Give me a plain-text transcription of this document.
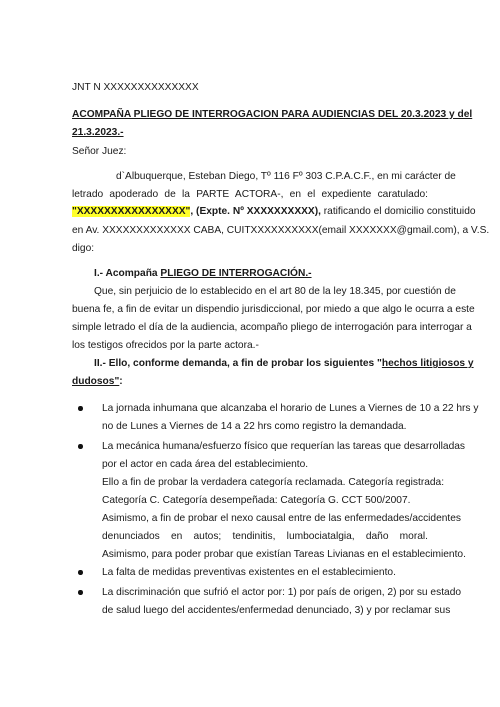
JNT N XXXXXXXXXXXXXX
ACOMPAÑA PLIEGO DE INTERROGACION PARA AUDIENCIAS DEL 20.3.2023 y del
21.3.2023.-
Señor Juez:
d`Albuquerque, Esteban Diego, Tº 116 Fº 303 C.P.A.C.F., en mi carácter de
letrado apoderado de la PARTE ACTORA-, en el expediente caratulado:
"XXXXXXXXXXXXXXXX", (Expte. Nº XXXXXXXXXX), ratificando el domicilio constituido
en Av. XXXXXXXXXXXXX CABA, CUITXXXXXXXXXX(email XXXXXXX@gmail.com), a V.S.
digo:
I.- Acompaña PLIEGO DE INTERROGACIÓN.-
Que, sin perjuicio de lo establecido en el art 80 de la ley 18.345, por cuestión de
buena fe, a fin de evitar un dispendio jurisdiccional, por miedo a que algo le ocurra a este
simple letrado el día de la audiencia, acompaño pliego de interrogación para interrogar a
los testigos ofrecidos por la parte actora.-
II.- Ello, conforme demanda, a fin de probar los siguientes "hechos litigiosos y
dudosos":
La jornada inhumana que alcanzaba el horario de Lunes a Viernes de 10 a 22 hrs y
no de Lunes a Viernes de 14 a 22 hrs como registro la demandada.
La mecánica humana/esfuerzo físico que requerían las tareas que desarrolladas
por el actor en cada área del establecimiento.
Ello a fin de probar la verdadera categoría reclamada. Categoría registrada:
Categoría C. Categoría desempeñada: Categoría G. CCT 500/2007.
Asimismo, a fin de probar el nexo causal entre de las enfermedades/accidentes
denunciados en autos; tendinitis, lumbociatalgia, daño moral.
Asimismo, para poder probar que existían Tareas Livianas en el establecimiento.
La falta de medidas preventivas existentes en el establecimiento.
La discriminación que sufrió el actor por: 1) por país de origen, 2) por su estado
de salud luego del accidentes/enfermedad denunciado, 3) y por reclamar sus
